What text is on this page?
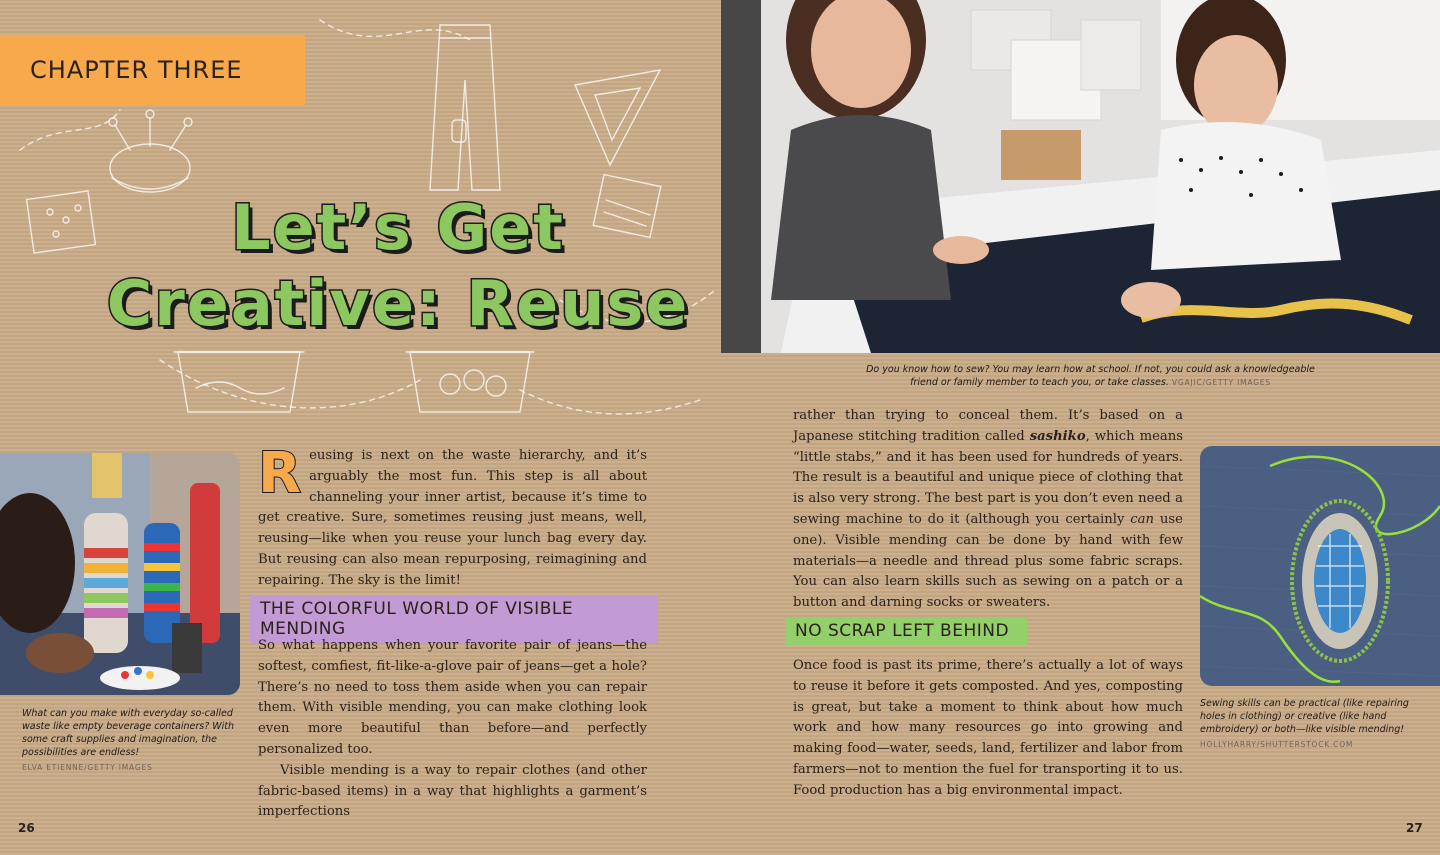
CHAPTER THREE
Let’s Get
Creative: Reuse
Do you know how to sew? You may learn how at school. If not, you could ask a knowledgeable friend or family member to teach you, or take classes. VGAJIC/GETTY IMAGES
What can you make with everyday so-called waste like empty beverage containers? With some craft supplies and imagination, the possibilities are endless!
ELVA ETIENNE/GETTY IMAGES
Sewing skills can be practical (like repairing holes in clothing) or creative (like hand embroidery) or both—like visible mending!
HOLLYHARRY/SHUTTERSTOCK.COM
Reusing is next on the waste hierarchy, and it’s arguably the most fun. This step is all about channeling your inner artist, because it’s time to get creative. Sure, sometimes reusing just means, well, reusing—like when you reuse your lunch bag every day. But reusing can also mean repurposing, reimagining and repairing. The sky is the limit!
THE COLORFUL WORLD OF VISIBLE MENDING

So what happens when your favorite pair of jeans—the softest, comfiest, fit-like-a-glove pair of jeans—get a hole? There’s no need to toss them aside when you can repair them. With visible mending, you can make clothing look even more beautiful than before—and perfectly personalized too.

Visible mending is a way to repair clothes (and other fabric-based items) in a way that highlights a garment’s imperfections

rather than trying to conceal them. It’s based on a Japanese stitching tradition called sashiko, which means “little stabs,” and it has been used for hundreds of years. The result is a beautiful and unique piece of clothing that is also very strong. The best part is you don’t even need a sewing machine to do it (although you certainly can use one). Visible mending can be done by hand with few materials—a needle and thread plus some fabric scraps. You can also learn skills such as sewing on a patch or a button and darning socks or sweaters.

NO SCRAP LEFT BEHIND

Once food is past its prime, there’s actually a lot of ways to reuse it before it gets composted. And yes, composting is great, but take a moment to think about how much work and how many resources go into growing and making food—water, seeds, land, fertilizer and labor from farmers—not to mention the fuel for transporting it to us. Food production has a big environmental impact.

26	27
